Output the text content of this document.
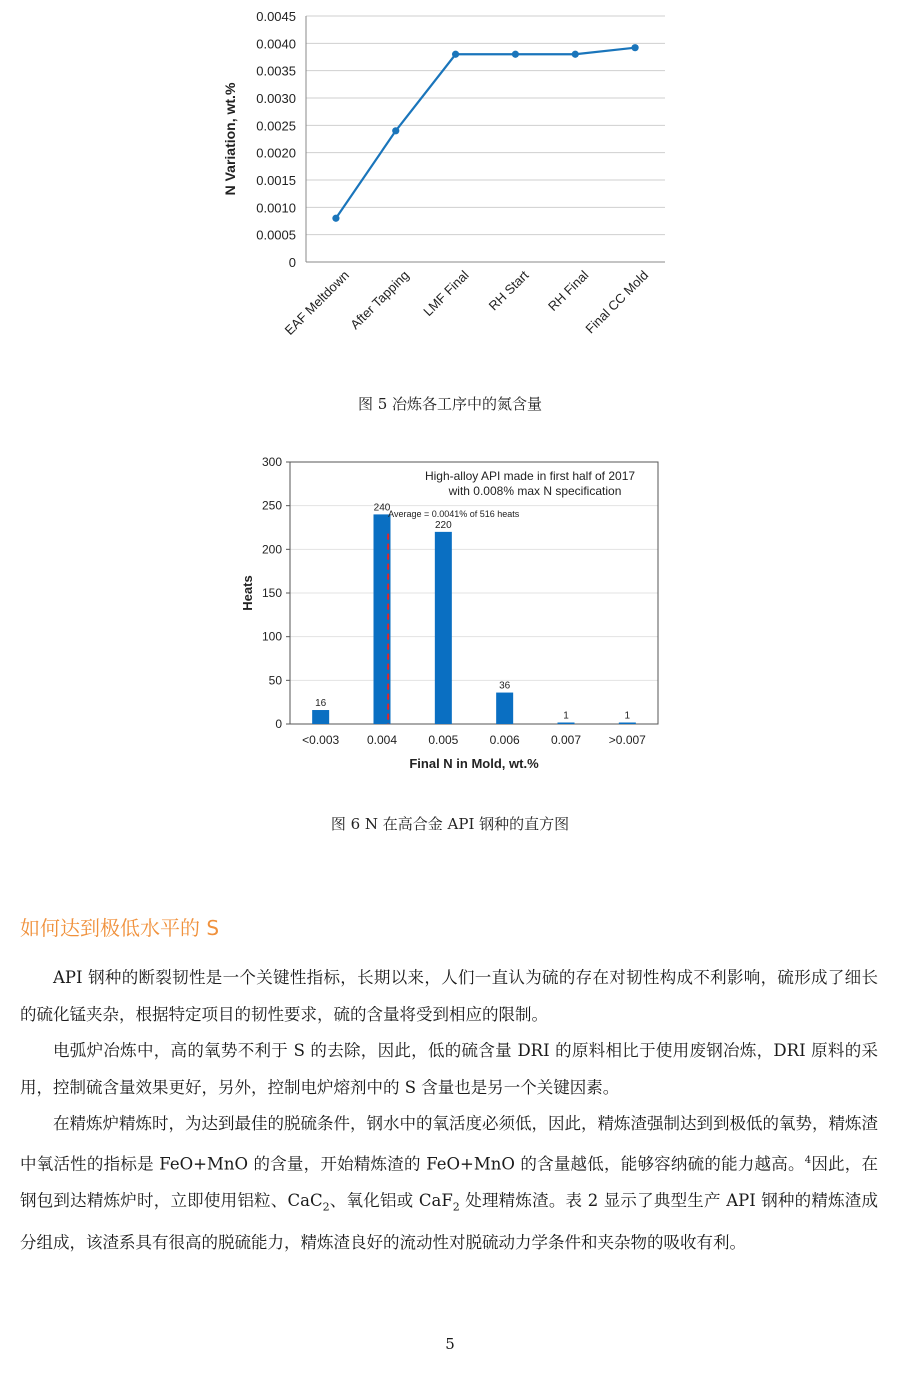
0
0.0005
0.0010
0.0015
0.0020
0.0025
0.0030
0.0035
0.0040
0.0045
N Variation, wt.%
EAF Meltdown
After Tapping LMF Final RH Start RH Final
Final CC Mold
图 5 冶炼各工序中的氮含量
0
50
100
150
200
250
300
Heats
16
<0.003
240
0.004
220
0.005
36
0.006
1
0.007
1
>0.007
Average = 0.0041% of 516 heats
High-alloy API made in first half of 2017
with 0.008% max N specification
Final N in Mold, wt.%
图 6 N 在高合金 API 钢种的直方图
如何达到极低水平的 S

API 钢种的断裂韧性是一个关键性指标，长期以来，人们一直认为硫的存在对韧性构成不利影响，硫形成了细长的硫化锰夹杂，根据特定项目的韧性要求，硫的含量将受到相应的限制。

电弧炉冶炼中，高的氧势不利于 S 的去除，因此，低的硫含量 DRI 的原料相比于使用废钢冶炼，DRI 原料的采用，控制硫含量效果更好，另外，控制电炉熔剂中的 S 含量也是另一个关键因素。

在精炼炉精炼时，为达到最佳的脱硫条件，钢水中的氧活度必须低，因此，精炼渣强制达到到极低的氧势，精炼渣中氧活性的指标是 FeO+MnO 的含量，开始精炼渣的 FeO+MnO 的含量越低，能够容纳硫的能力越高。$^4$因此，在钢包到达精炼炉时，立即使用铝粒、CaC$_2$、氧化铝或 CaF$_2$ 处理精炼渣。表 2 显示了典型生产 API 钢种的精炼渣成分组成，该渣系具有很高的脱硫能力，精炼渣良好的流动性对脱硫动力学条件和夹杂物的吸收有利。

5
